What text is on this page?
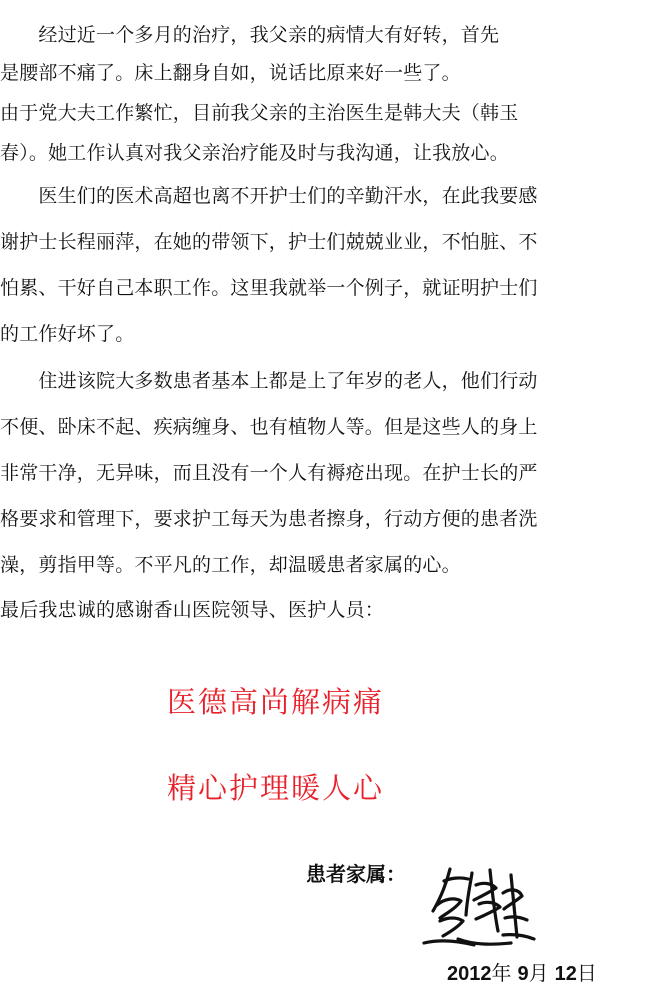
　　经过近一个多月的治疗，我父亲的病情大有好转，首先
是腰部不痛了。床上翻身自如，说话比原来好一些了。
由于党大夫工作繁忙，目前我父亲的主治医生是韩大夫（韩玉
春）。她工作认真对我父亲治疗能及时与我沟通，让我放心。
　　医生们的医术高超也离不开护士们的辛勤汗水，在此我要感
谢护士长程丽萍，在她的带领下，护士们兢兢业业，不怕脏、不
怕累、干好自己本职工作。这里我就举一个例子，就证明护士们
的工作好坏了。
　　住进该院大多数患者基本上都是上了年岁的老人，他们行动
不便、卧床不起、疾病缠身、也有植物人等。但是这些人的身上
非常干净，无异味，而且没有一个人有褥疮出现。在护士长的严
格要求和管理下，要求护工每天为患者擦身，行动方便的患者洗
澡，剪指甲等。不平凡的工作，却温暖患者家属的心。
最后我忠诚的感谢香山医院领导、医护人员：
医德高尚解病痛
精心护理暖人心
患者家属：
2012年 9月 12日
